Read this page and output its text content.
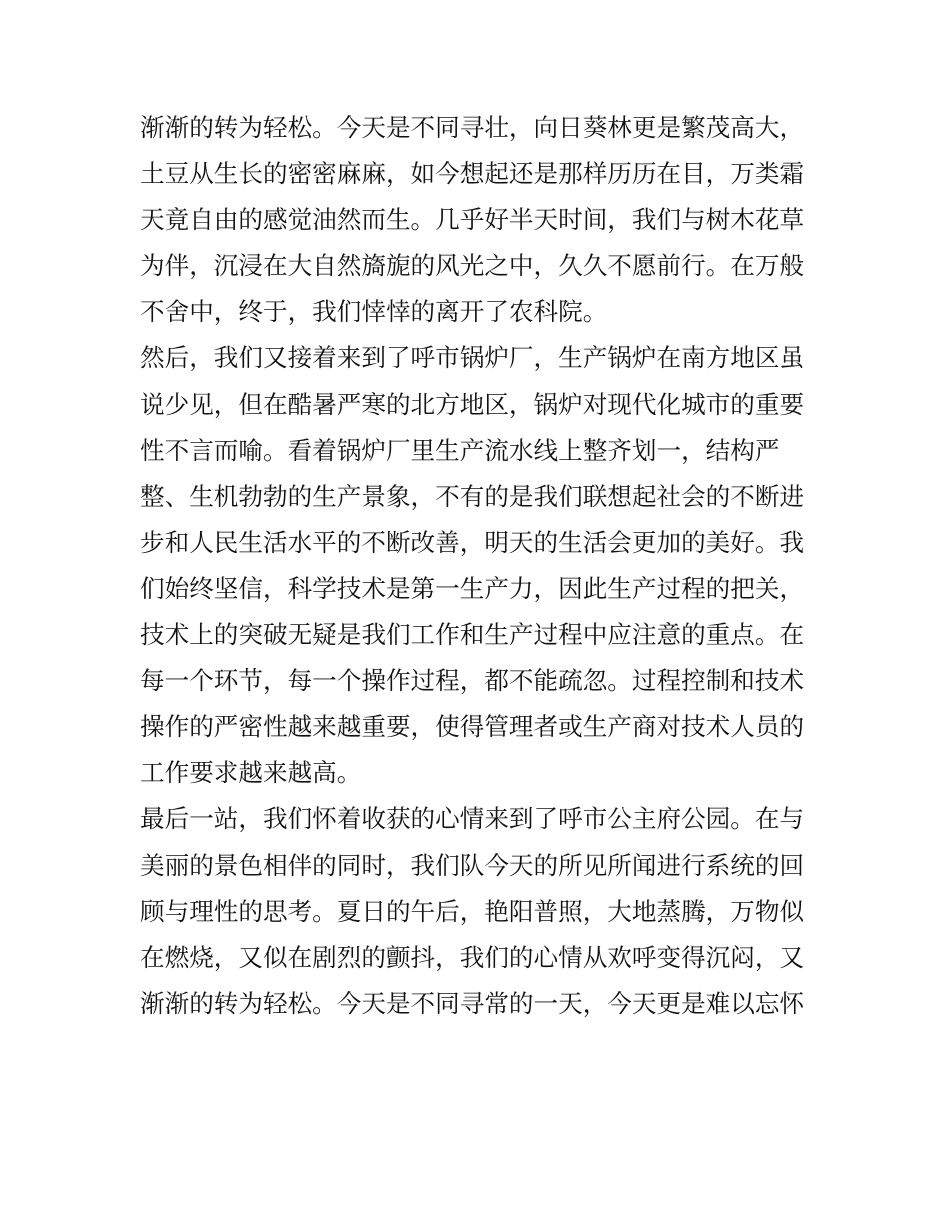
渐渐的转为轻松。今天是不同寻壮，向日葵林更是繁茂高大，
土豆从生长的密密麻麻，如今想起还是那样历历在目，万类霜
天竟自由的感觉油然而生。几乎好半天时间，我们与树木花草
为伴，沉浸在大自然旖旎的风光之中，久久不愿前行。在万般
不舍中，终于，我们悻悻的离开了农科院。
然后，我们又接着来到了呼市锅炉厂，生产锅炉在南方地区虽
说少见，但在酷暑严寒的北方地区，锅炉对现代化城市的重要
性不言而喻。看着锅炉厂里生产流水线上整齐划一，结构严
整、生机勃勃的生产景象，不有的是我们联想起社会的不断进
步和人民生活水平的不断改善，明天的生活会更加的美好。我
们始终坚信，科学技术是第一生产力，因此生产过程的把关，
技术上的突破无疑是我们工作和生产过程中应注意的重点。在
每一个环节，每一个操作过程，都不能疏忽。过程控制和技术
操作的严密性越来越重要，使得管理者或生产商对技术人员的
工作要求越来越高。
最后一站，我们怀着收获的心情来到了呼市公主府公园。在与
美丽的景色相伴的同时，我们队今天的所见所闻进行系统的回
顾与理性的思考。夏日的午后，艳阳普照，大地蒸腾，万物似
在燃烧，又似在剧烈的颤抖，我们的心情从欢呼变得沉闷，又
渐渐的转为轻松。今天是不同寻常的一天，今天更是难以忘怀
